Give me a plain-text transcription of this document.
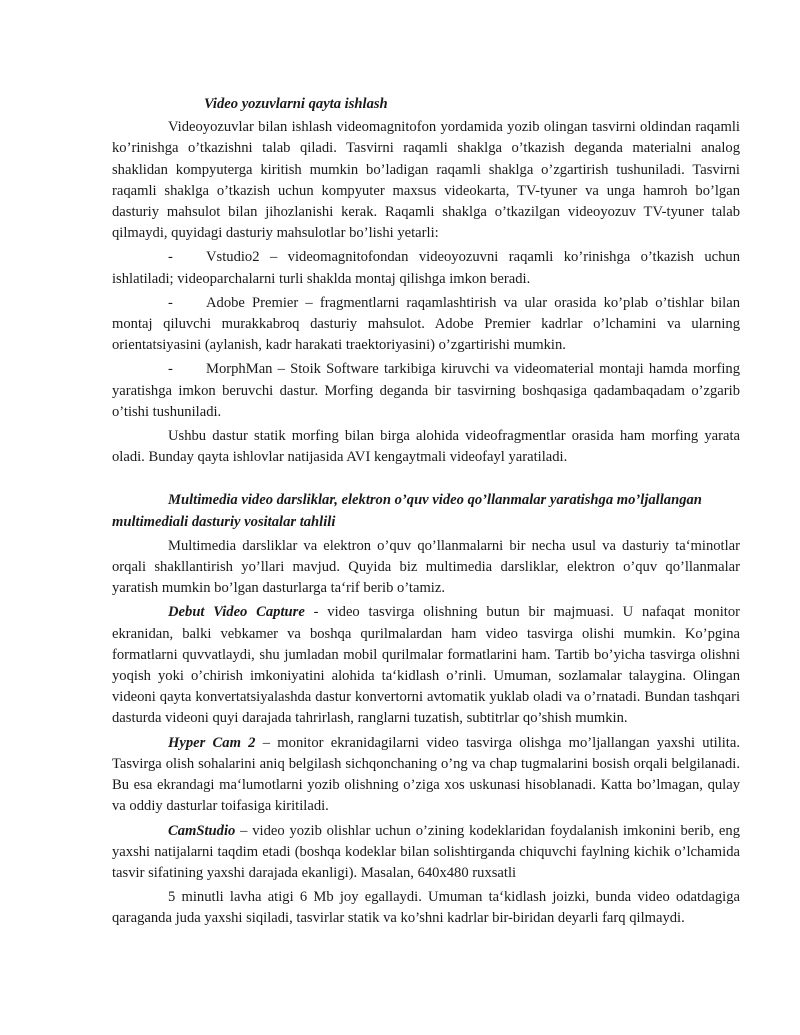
Video yozuvlarni qayta ishlash

Videoyozuvlar bilan ishlash videomagnitofon yordamida yozib olingan tasvirni oldindan raqamli ko’rinishga o’tkazishni talab qiladi. Tasvirni raqamli shaklga o’tkazish deganda materialni analog shaklidan kompyuterga kiritish mumkin bo’ladigan raqamli shaklga o’zgartirish tushuniladi. Tasvirni raqamli shaklga o’tkazish uchun kompyuter maxsus videokarta, TV-tyuner va unga hamroh bo’lgan dasturiy mahsulot bilan jihozlanishi kerak. Raqamli shaklga o’tkazilgan videoyozuv TV-tyuner talab qilmaydi, quyidagi dasturiy mahsulotlar bo’lishi yetarli:

- Vstudio2 – videomagnitofondan videoyozuvni raqamli ko’rinishga o’tkazish uchun ishlatiladi; videoparchalarni turli shaklda montaj qilishga imkon beradi.

- Adobe Premier – fragmentlarni raqamlashtirish va ular orasida ko’plab o’tishlar bilan montaj qiluvchi murakkabroq dasturiy mahsulot. Adobe Premier kadrlar o’lchamini va ularning orientatsiyasini (aylanish, kadr harakati traektoriyasini) o’zgartirishi mumkin.

- MorphMan – Stoik Software tarkibiga kiruvchi va videomaterial montaji hamda morfing yaratishga imkon beruvchi dastur. Morfing deganda bir tasvirning boshqasiga qadambaqadam o’zgarib o’tishi tushuniladi.

Ushbu dastur statik morfing bilan birga alohida videofragmentlar orasida ham morfing yarata oladi. Bunday qayta ishlovlar natijasida AVI kengaytmali videofayl yaratiladi.

Multimedia video darsliklar, elektron o’quv video qo’llanmalar yaratishga mo’ljallangan multimediali dasturiy vositalar tahlili

Multimedia darsliklar va elektron o’quv qo’llanmalarni bir necha usul va dasturiy ta‘minotlar orqali shakllantirish yo’llari mavjud. Quyida biz multimedia darsliklar, elektron o’quv qo’llanmalar yaratish mumkin bo’lgan dasturlarga ta‘rif berib o’tamiz.

Debut Video Capture - video tasvirga olishning butun bir majmuasi. U nafaqat monitor ekranidan, balki vebkamer va boshqa qurilmalardan ham video tasvirga olishi mumkin. Ko’pgina formatlarni quvvatlaydi, shu jumladan mobil qurilmalar formatlarini ham. Tartib bo’yicha tasvirga olishni yoqish yoki o’chirish imkoniyatini alohida ta‘kidlash o’rinli. Umuman, sozlamalar talaygina. Olingan videoni qayta konvertatsiyalashda dastur konvertorni avtomatik yuklab oladi va o’rnatadi. Bundan tashqari dasturda videoni quyi darajada tahrirlash, ranglarni tuzatish, subtitrlar qo’shish mumkin.

Hyper Cam 2 – monitor ekranidagilarni video tasvirga olishga mo’ljallangan yaxshi utilita. Tasvirga olish sohalarini aniq belgilash sichqonchaning o’ng va chap tugmalarini bosish orqali belgilanadi. Bu esa ekrandagi ma‘lumotlarni yozib olishning o’ziga xos uskunasi hisoblanadi. Katta bo’lmagan, qulay va oddiy dasturlar toifasiga kiritiladi.

CamStudio – video yozib olishlar uchun o’zining kodeklaridan foydalanish imkonini berib, eng yaxshi natijalarni taqdim etadi (boshqa kodeklar bilan solishtirganda chiquvchi faylning kichik o’lchamida tasvir sifatining yaxshi darajada ekanligi). Masalan, 640x480 ruxsatli

5 minutli lavha atigi 6 Mb joy egallaydi. Umuman ta‘kidlash joizki, bunda video odatdagiga qaraganda juda yaxshi siqiladi, tasvirlar statik va ko’shni kadrlar bir-biridan deyarli farq qilmaydi.
